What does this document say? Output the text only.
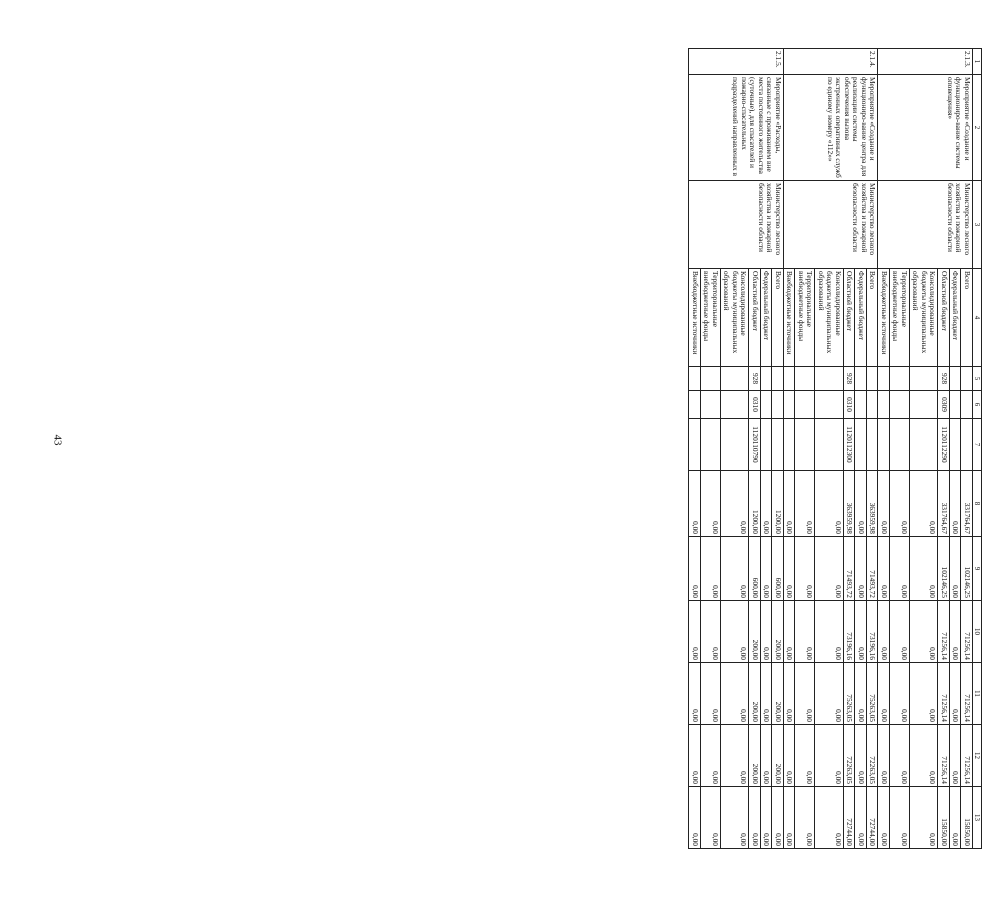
43
1	2	3	4	5	6	7	8	9	10	11	12	13
2.1.3.	Мероприятие «Создание и функциониро-вание системы оповещения»	Министерство лесного хозяйства и пожарной безопасности области	Всего				331764,67	102146,25	71256,14	71256,14	71256,14	15850,00
			Федеральный бюджет				0,00	0,00	0,00	0,00	0,00	0,00
			Областной бюджет	928	0309	1120112290	331764,67	102146,25	71256,14	71256,14	71256,14	15850,00
			Консолидированные бюджеты муниципальных образований				0,00	0,00	0,00	0,00	0,00	0,00
			Территориальные внебюджетные фонды				0,00	0,00	0,00	0,00	0,00	0,00
			Внебюджетные источники				0,00	0,00	0,00	0,00	0,00	0,00
2.1.4.	Мероприятие «Создание и функциониро-вание центра для реализации системы обеспечения вызова экстренных оперативных служб по единому номеру «112»»	Министерство лесного хозяйства и пожарной безопасности области	Всего				363959,98	71493,72	73196,16	75263,05	72263,05	72744,00
			Федеральный бюджет				0,00	0,00	0,00	0,00	0,00	0,00
			Областной бюджет	928	0310	1120112300	363959,98	71493,72	73196,16	75263,05	72263,05	72744,00
			Консолидированные бюджеты муниципальных образований				0,00	0,00	0,00	0,00	0,00	0,00
			Территориальные внебюджетные фонды				0,00	0,00	0,00	0,00	0,00	0,00
			Внебюджетные источники				0,00	0,00	0,00	0,00	0,00	0,00
2.1.5.	Мероприятие «Расходы, связанные с проживанием вне места постоянного жительства (суточные), для спасателей и пожарно-спасательных подразделений направленных в	Министерство лесного хозяйства и пожарной безопасности области	Всего				1200,00	600,00	200,00	200,00	200,00	0,00
			Федеральный бюджет				0,00	0,00	0,00	0,00	0,00	0,00
			Областной бюджет	928	0310	1120110790	1200,00	600,00	200,00	200,00	200,00	0,00
			Консолидированные бюджеты муниципальных образований				0,00	0,00	0,00	0,00	0,00	0,00
			Территориальные внебюджетные фонды				0,00	0,00	0,00	0,00	0,00	0,00
			Внебюджетные источники				0,00	0,00	0,00	0,00	0,00	0,00
